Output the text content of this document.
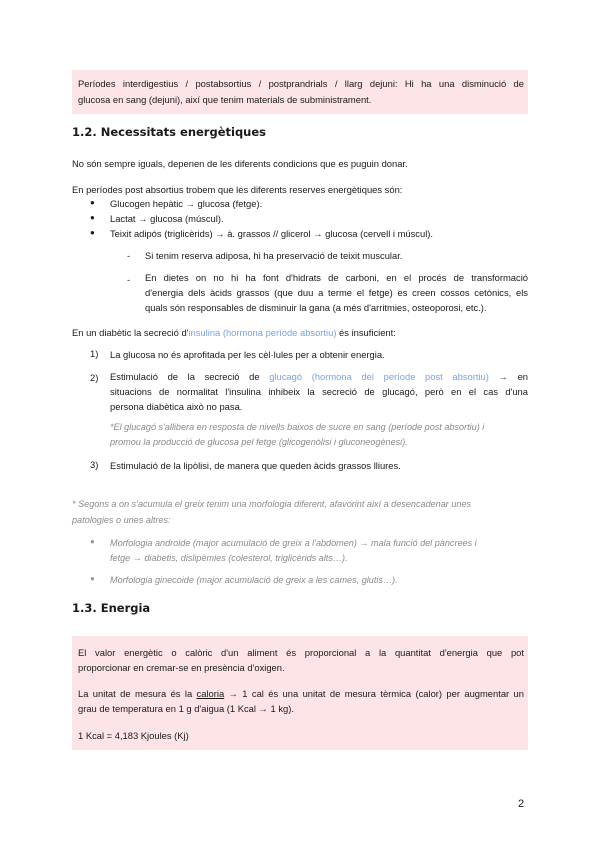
Períodes interdigestius / postabsortius / postprandrials / llarg dejuni: Hi ha una disminució de
glucosa en sang (dejuni), així que tenim materials de subministrament.
1.2. Necessitats energètiques
No són sempre iguals, depenen de les diferents condicions que es puguin donar.
En períodes post absortius trobem que les diferents reserves energètiques són:
● Glucogen hepàtic → glucosa (fetge).
● Lactat → glucosa (múscul).
● Teixit adipós (triglicèrids) → à. grassos // glicerol → glucosa (cervell i múscul).
- Si tenim reserva adiposa, hi ha preservació de teixit muscular.
- En dietes on no hi ha font d'hidrats de carboni, en el procés de transformació
d'energia dels àcids grassos (que duu a terme el fetge) es creen cossos cetònics, els
quals són responsables de disminuir la gana (a més d'arritmies, osteoporosi, etc.).
En un diabètic la secreció d'insulina (hormona període absortiu) és insuficient:
1) La glucosa no és aprofitada per les cèl·lules per a obtenir energia.
2) Estimulació de la secreció de glucagó (hormona del període post absortiu) → en
situacions de normalitat l'insulina inhibeix la secreció de glucagó, però en el cas d'una
persona diabètica això no pasa.
*El glucagó s'allibera en resposta de nivells baixos de sucre en sang (període post absortiu) i
promou la producció de glucosa pel fetge (glicogenòlisi i gluconeogènesi).
3) Estimulació de la lipòlisi, de manera que queden àcids grassos lliures.
* Segons a on s'acumula el greix tenim una morfologia diferent, afavorint així a desencadenar unes
patologies o unes altres:
● Morfologia androide (major acumulació de greix a l'abdomen) → mala funció del pàncrees i
fetge → diabetis, dislipèmies (colesterol, triglicèrids alts…).
● Morfologia ginecoide (major acumulació de greix a les cames, glutis…).
1.3. Energia
El valor energètic o calòric d'un aliment és proporcional a la quantitat d'energia que pot
proporcionar en cremar-se en presència d'oxigen.
La unitat de mesura és la caloria → 1 cal és una unitat de mesura tèrmica (calor) per augmentar un
grau de temperatura en 1 g d'aigua (1 Kcal → 1 kg).
1 Kcal = 4,183 Kjoules (Kj)
2
